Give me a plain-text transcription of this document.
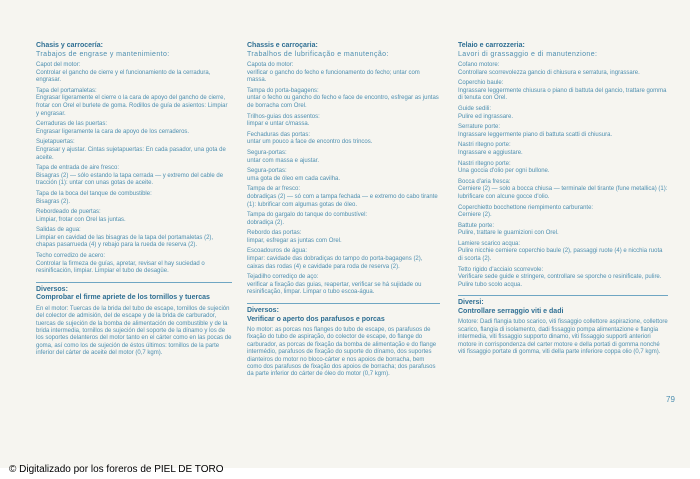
Chasis y carrocería:
Trabajos de engrase y mantenimiento:
Capot del motor:
Controlar el gancho de cierre y el funcionamiento de la cerradura, engrasar.
Tapa del portamaletas:
Engrasar ligeramente el cierre o la cara de apoyo del gancho de cierre, frotar con Orel el burlete de goma. Rodillos de guía de asientos: Limpiar y engrasar.
Cerraduras de las puertas:
Engrasar ligeramente la cara de apoyo de los cerraderos.
Sujetapuertas:
Engrasar y ajustar. Cintas sujetapuertas: En cada pasador, una gota de aceite.
Tapa de entrada de aire fresco:
Bisagras (2) — sólo estando la tapa cerrada — y extremo del cable de tracción (1): untar con unas gotas de aceite.
Tapa de la boca del tanque de combustible:
Bisagras (2).
Rebordeado de puertas:
Limpiar, frotar con Orel las juntas.
Salidas de agua:
Limpiar en cavidad de las bisagras de la tapa del portamaletas (2), chapas pasarrueda (4) y rebajo para la rueda de reserva (2).
Techo corredizo de acero:
Controlar la firmeza de guías, apretar, revisar el hay suciedad o resinificación, limpiar. Limpiar el tubo de desagüe.
Diversos:
Comprobar el firme apriete de los tornillos y tuercas
En el motor: Tuercas de la brida del tubo de escape, tornillos de sujeción del colector de admisión, del de escape y de la brida de carburador, tuercas de sujeción de la bomba de alimentación de combustible y de la brida intermedia, tornillos de sujeción del soporte de la dínamo y los de los soportes delanteros del motor tanto en el cárter como en las pocas de goma, así como los de sujeción de éstos últimos: tornillos de la parte inferior del cárter de aceite del motor (0,7 kgm).
Chassis e carroçaria:
Trabalhos de lubrificação e manutenção:
Capota do motor:
verificar o gancho do fecho e funcionamento do fecho; untar com massa.
Tampa do porta-bagagens:
untar o fecho ou gancho do fecho e face de encontro, esfregar as juntas de borracha com Orel.
Trilhos-guias dos assentos:
limpar e untar c/massa.
Fechaduras das portas:
untar um pouco a face de encontro dos trincos.
Segura-portas:
untar com massa e ajustar.
Segura-portas:
uma gota de óleo em cada cavilha.
Tampa de ar fresco:
dobradiças (2) — só com a tampa fechada — e extremo do cabo tirante (1): lubrificar com algumas gotas de óleo.
Tampa do gargalo do tanque do combustível:
dobradiça (2).
Rebordo das portas:
limpar, esfregar as juntas com Orel.
Escoadouros de água:
limpar: cavidade das dobradiças do tampo do porta-bagagens (2), caixas das rodas (4) e cavidade para roda de reserva (2).
Tejadilho corrediço de aço:
verificar a fixação das guias, reapertar, verificar se há sujidade ou resinificação, limpar. Limpar o tubo escoa-água.
Diversos:
Verificar o aperto dos parafusos e porcas
No motor: as porcas nos flanges do tubo de escape, os parafusos de fixação do tubo de aspiração, do colector de escape, do flange do carburador, as porcas de fixação da bomba de alimentação e do flange intermédio, parafusos de fixação do suporte do dínamo, dos suportes dianteiros do motor no bloco-cárter e nos apoios de borracha, bem como dos parafusos de fixação dos apoios de borracha; dos parafusos da parte inferior do cárter de óleo do motor (0,7 kgm).
Telaio e carrozzeria:
Lavori di grassaggio e di manutenzione:
Cofano motore:
Controllare scorrevolezza gancio di chiusura e serratura, ingrassare.
Coperchio baule:
Ingrassare leggermente chiusura o piano di battuta del gancio, trattare gomma di tenuta con Orel.
Guide sedili:
Pulire ed ingrassare.
Serrature porte:
Ingrassare leggermente piano di battuta scatti di chiusura.
Nastri ritegno porte:
Ingrassare e aggiustare.
Nastri ritegno porte:
Una goccia d'olio per ogni bullone.
Bocca d'aria fresca:
Cerniere (2) — solo a bocca chiusa — terminale del tirante (fune metallica) (1): lubrificare con alcune gocce d'olio.
Coperchietto bocchettone riempimento carburante:
Cerniere (2).
Battute porte:
Pulire, trattare le guarnizioni con Orel.
Lamiere scarico acqua:
Pulire nicchie cerniere coperchio baule (2), passaggi ruote (4) e nicchia ruota di scorta (2).
Tetto rigido d'acciaio scorrevole:
Verificare sede guide e stringere, controllare se sporche o resinificate, pulire. Pulire tubo scolo acqua.
Diversi:
Controllare serraggio viti e dadi
Motore: Dadi flangia tubo scarico, viti fissaggio collettore aspirazione, collettore scarico, flangia di isolamento, dadi fissaggio pompa alimentazione e flangia intermedia, viti fissaggio supporto dinamo, viti fissaggio supporti anteriori motore in corrispondenza del carter motore e della portati di gomma nonché viti fissaggio portate di gomma, viti della parte inferiore coppa olio (0,7 kgm).
79
© Digitalizado por los foreros de PIEL DE TORO
